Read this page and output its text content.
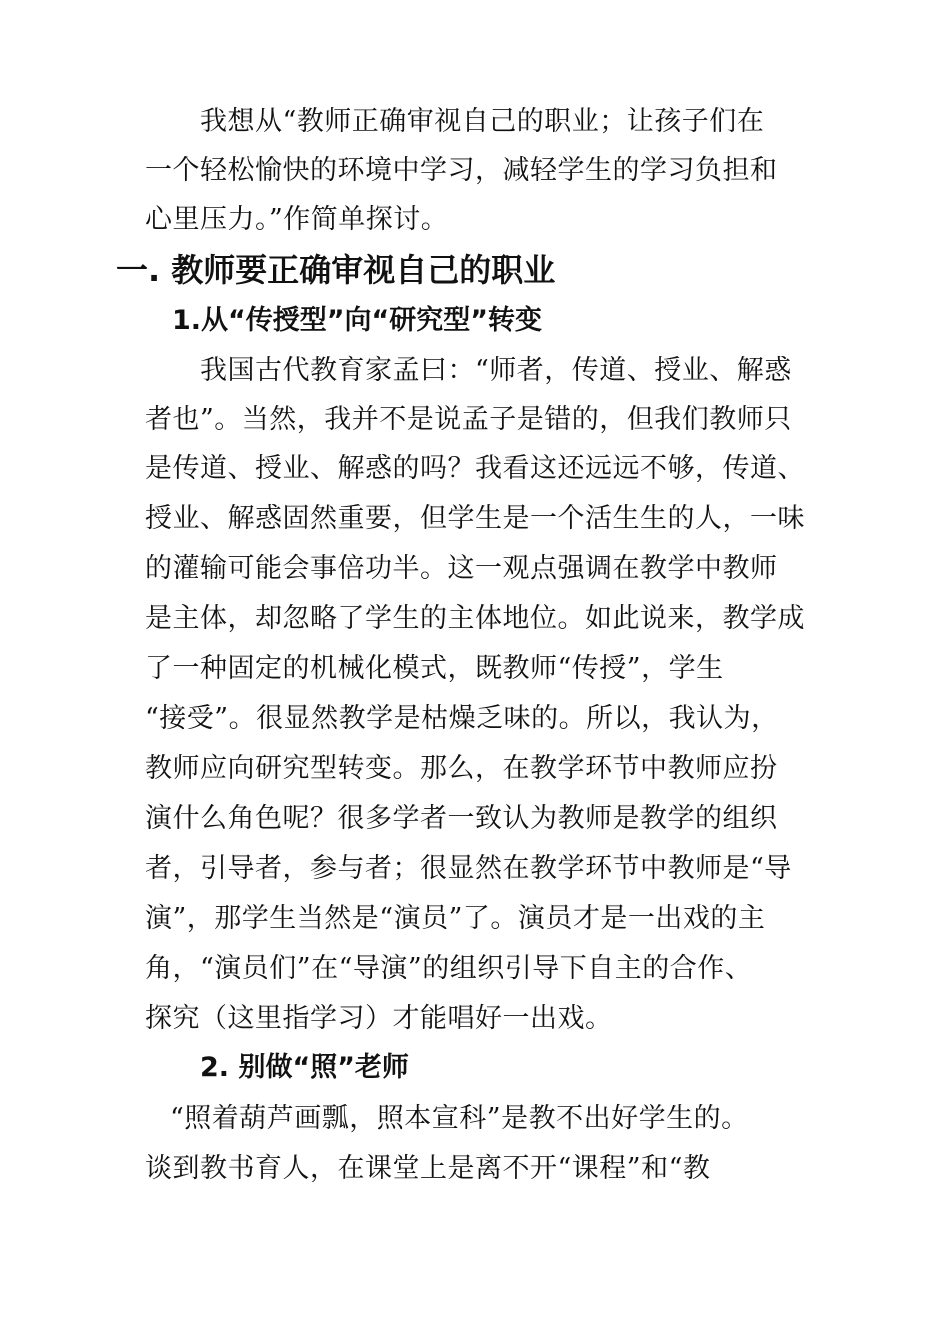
我想从“教师正确审视自己的职业；让孩子们在
一个轻松愉快的环境中学习，减轻学生的学习负担和
心里压力。”作简单探讨。
一. 教师要正确审视自己的职业
1.从“传授型”向“研究型”转变
我国古代教育家孟曰：“师者，传道、授业、解惑
者也”。当然，我并不是说孟子是错的，但我们教师只
是传道、授业、解惑的吗？我看这还远远不够，传道、
授业、解惑固然重要，但学生是一个活生生的人，一味
的灌输可能会事倍功半。这一观点强调在教学中教师
是主体，却忽略了学生的主体地位。如此说来，教学成
了一种固定的机械化模式，既教师“传授”，学生
“接受”。很显然教学是枯燥乏味的。所以，我认为，
教师应向研究型转变。那么，在教学环节中教师应扮
演什么角色呢？很多学者一致认为教师是教学的组织
者，引导者，参与者；很显然在教学环节中教师是“导
演”，那学生当然是“演员”了。演员才是一出戏的主
角，“演员们”在“导演”的组织引导下自主的合作、
探究（这里指学习）才能唱好一出戏。
2. 别做“照”老师
“照着葫芦画瓢，照本宣科”是教不出好学生的。
谈到教书育人，在课堂上是离不开“课程”和“教
